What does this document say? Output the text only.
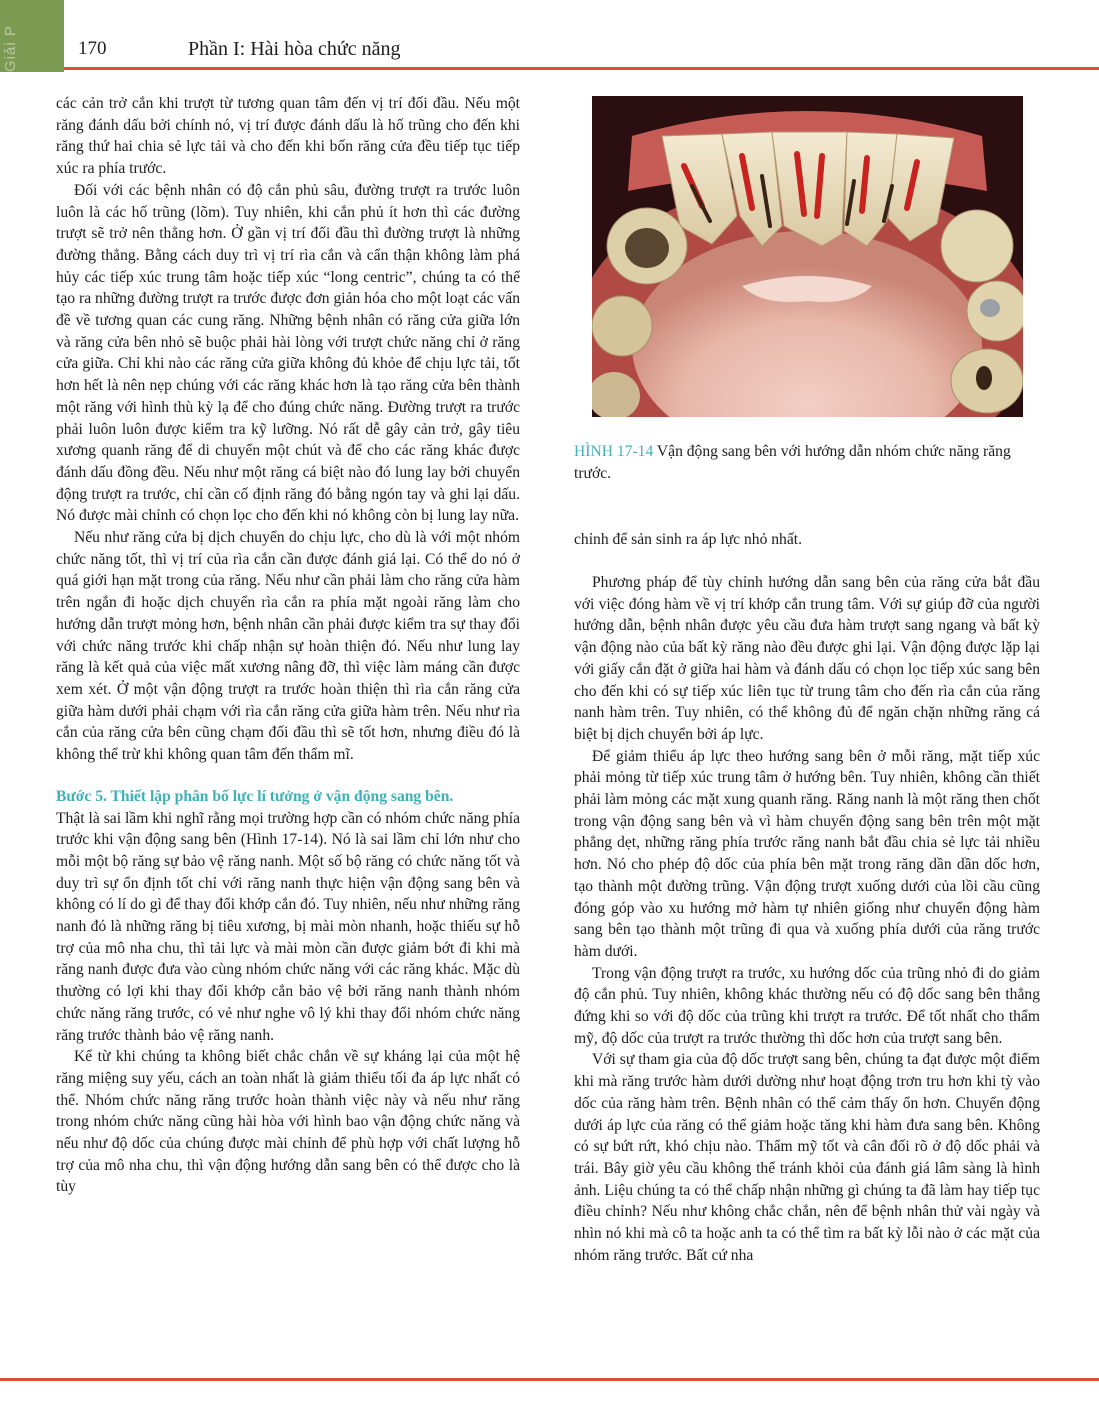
Giải P	170	Phần I: Hài hòa chức năng

các cản trở cắn khi trượt từ tương quan tâm đến vị trí đối đầu. Nếu một răng đánh dấu bởi chính nó, vị trí được đánh dấu là hố trũng cho đến khi răng thứ hai chia sẻ lực tải và cho đến khi bốn răng cửa đều tiếp tục tiếp xúc ra phía trước.

Đối với các bệnh nhân có độ cắn phủ sâu, đường trượt ra trước luôn luôn là các hố trũng (lõm). Tuy nhiên, khi cắn phủ ít hơn thì các đường trượt sẽ trở nên thẳng hơn. Ở gần vị trí đối đầu thì đường trượt là những đường thẳng. Bằng cách duy trì vị trí rìa cắn và cẩn thận không làm phá hủy các tiếp xúc trung tâm hoặc tiếp xúc “long centric”, chúng ta có thể tạo ra những đường trượt ra trước được đơn giản hóa cho một loạt các vấn đề về tương quan các cung răng. Những bệnh nhân có răng cửa giữa lớn và răng cửa bên nhỏ sẽ buộc phải hài lòng với trượt chức năng chỉ ở răng cửa giữa. Chỉ khi nào các răng cửa giữa không đủ khỏe để chịu lực tải, tốt hơn hết là nên nẹp chúng với các răng khác hơn là tạo răng cửa bên thành một răng với hình thù kỳ lạ để cho đúng chức năng. Đường trượt ra trước phải luôn luôn được kiểm tra kỹ lưỡng. Nó rất dễ gây cản trở, gây tiêu xương quanh răng để di chuyển một chút và để cho các răng khác được đánh dấu đồng đều. Nếu như một răng cá biệt nào đó lung lay bởi chuyển động trượt ra trước, chỉ cần cố định răng đó bằng ngón tay và ghi lại dấu. Nó được mài chỉnh có chọn lọc cho đến khi nó không còn bị lung lay nữa.

Nếu như răng cửa bị dịch chuyển do chịu lực, cho dù là với một nhóm chức năng tốt, thì vị trí của rìa cắn cần được đánh giá lại. Có thể do nó ở quá giới hạn mặt trong của răng. Nếu như cần phải làm cho răng cửa hàm trên ngắn đi hoặc dịch chuyển rìa cắn ra phía mặt ngoài răng làm cho hướng dẫn trượt mỏng hơn, bệnh nhân cần phải được kiểm tra sự thay đổi với chức năng trước khi chấp nhận sự hoàn thiện đó. Nếu như lung lay răng là kết quả của việc mất xương nâng đỡ, thì việc làm máng cần được xem xét. Ở một vận động trượt ra trước hoàn thiện thì rìa cắn răng cửa giữa hàm dưới phải chạm với rìa cắn răng cửa giữa hàm trên. Nếu như rìa cắn của răng cửa bên cũng chạm đối đầu thì sẽ tốt hơn, nhưng điều đó là không thể trừ khi không quan tâm đến thẩm mĩ.

Bước 5. Thiết lập phân bố lực lí tưởng ở vận động sang bên.

Thật là sai lầm khi nghĩ rằng mọi trường hợp cần có nhóm chức năng phía trước khi vận động sang bên (Hình 17-14). Nó là sai lầm chỉ lớn như cho mỗi một bộ răng sự bảo vệ răng nanh. Một số bộ răng có chức năng tốt và duy trì sự ổn định tốt chỉ với răng nanh thực hiện vận động sang bên và không có lí do gì để thay đổi khớp cắn đó. Tuy nhiên, nếu như những răng nanh đó là những răng bị tiêu xương, bị mài mòn nhanh, hoặc thiếu sự hỗ trợ của mô nha chu, thì tải lực và mài mòn cần được giảm bớt đi khi mà răng nanh được đưa vào cùng nhóm chức năng với các răng khác. Mặc dù thường có lợi khi thay đổi khớp cắn bảo vệ bởi răng nanh thành nhóm chức năng răng trước, có vẻ như nghe vô lý khi thay đổi nhóm chức năng răng trước thành bảo vệ răng nanh.

Kể từ khi chúng ta không biết chắc chắn về sự kháng lại của một hệ răng miệng suy yếu, cách an toàn nhất là giảm thiểu tối đa áp lực nhất có thể. Nhóm chức năng răng trước hoàn thành việc này và nếu như răng trong nhóm chức năng cũng hài hòa với hình bao vận động chức năng và nếu như độ dốc của chúng được mài chỉnh để phù hợp với chất lượng hỗ trợ của mô nha chu, thì vận động hướng dẫn sang bên có thể được cho là tùy

HÌNH 17-14 Vận động sang bên với hướng dẫn nhóm chức năng răng trước.

chỉnh để sản sinh ra áp lực nhỏ nhất.

Phương pháp để tùy chỉnh hướng dẫn sang bên của răng cửa bắt đầu với việc đóng hàm về vị trí khớp cắn trung tâm. Với sự giúp đỡ của người hướng dẫn, bệnh nhân được yêu cầu đưa hàm trượt sang ngang và bất kỳ vận động nào của bất kỳ răng nào đều được ghi lại. Vận động được lặp lại với giấy cắn đặt ở giữa hai hàm và đánh dấu có chọn lọc tiếp xúc sang bên cho đến khi có sự tiếp xúc liên tục từ trung tâm cho đến rìa cắn của răng nanh hàm trên. Tuy nhiên, có thể không đủ để ngăn chặn những răng cá biệt bị dịch chuyển bởi áp lực.

Để giảm thiểu áp lực theo hướng sang bên ở mỗi răng, mặt tiếp xúc phải mỏng từ tiếp xúc trung tâm ở hướng bên. Tuy nhiên, không cần thiết phải làm mỏng các mặt xung quanh răng. Răng nanh là một răng then chốt trong vận động sang bên và vì hàm chuyển động sang bên trên một mặt phẳng dẹt, những răng phía trước răng nanh bắt đầu chia sẻ lực tải nhiều hơn. Nó cho phép độ dốc của phía bên mặt trong răng dần dần dốc hơn, tạo thành một đường trũng. Vận động trượt xuống dưới của lồi cầu cũng đóng góp vào xu hướng mở hàm tự nhiên giống như chuyển động hàm sang bên tạo thành một trũng đi qua và xuống phía dưới của răng trước hàm dưới.

Trong vận động trượt ra trước, xu hướng dốc của trũng nhỏ đi do giảm độ cắn phủ. Tuy nhiên, không khác thường nếu có độ dốc sang bên thẳng đứng khi so với độ dốc của trũng khi trượt ra trước. Để tốt nhất cho thẩm mỹ, độ dốc của trượt ra trước thường thì dốc hơn của trượt sang bên.

Với sự tham gia của độ dốc trượt sang bên, chúng ta đạt được một điểm khi mà răng trước hàm dưới dường như hoạt động trơn tru hơn khi tỳ vào dốc của răng hàm trên. Bệnh nhân có thể cảm thấy ổn hơn. Chuyển động dưới áp lực của răng có thể giảm hoặc tăng khi hàm đưa sang bên. Không có sự bứt rứt, khó chịu nào. Thẩm mỹ tốt và cân đối rõ ở độ dốc phải và trái. Bây giờ yêu cầu không thể tránh khỏi của đánh giá lâm sàng là hình ảnh. Liệu chúng ta có thể chấp nhận những gì chúng ta đã làm hay tiếp tục điều chỉnh? Nếu như không chắc chắn, nên để bệnh nhân thử vài ngày và nhìn nó khi mà cô ta hoặc anh ta có thể tìm ra bất kỳ lỗi nào ở các mặt của nhóm răng trước. Bất cứ nha
